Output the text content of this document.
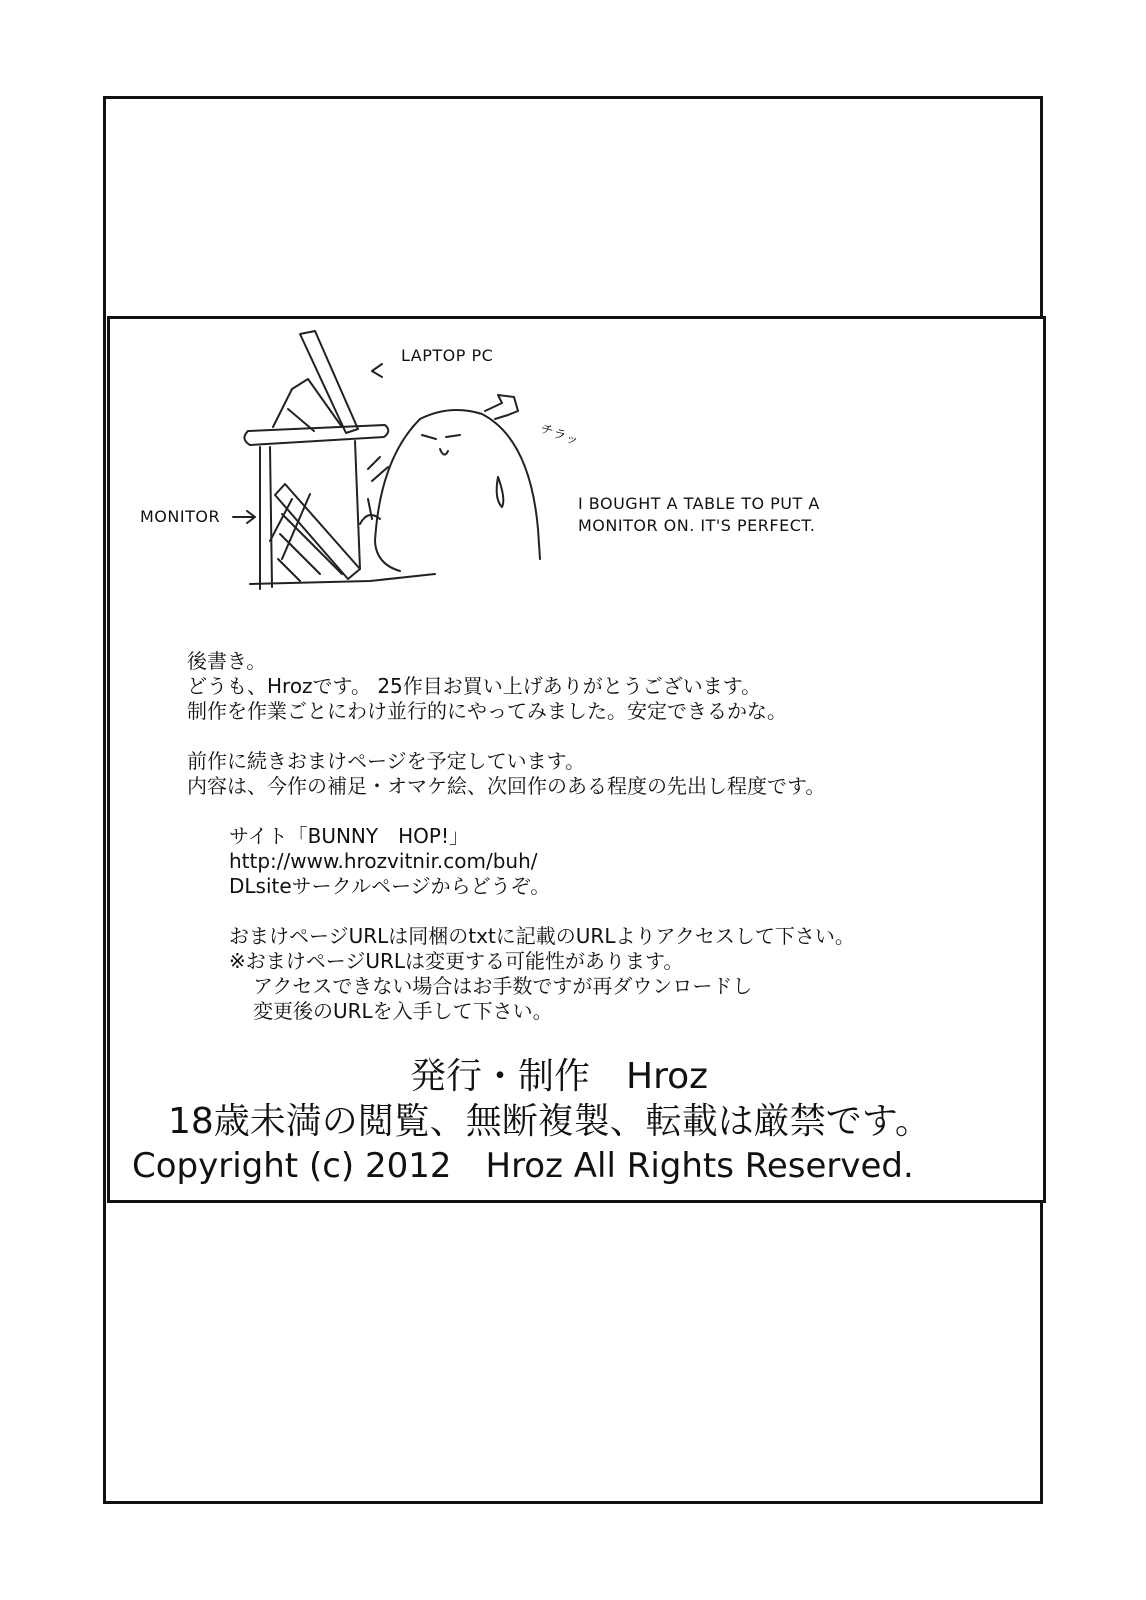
LAPTOP PC
MONITOR
チラッ
I BOUGHT A TABLE TO PUT A
MONITOR ON. IT'S PERFECT.
後書き。
どうも、Hrozです。 25作目お買い上げありがとうございます。
制作を作業ごとにわけ並行的にやってみました。安定できるかな。

前作に続きおまけページを予定しています。
内容は、今作の補足・オマケ絵、次回作のある程度の先出し程度です。

サイト「BUNNY　HOP!」
http://www.hrozvitnir.com/buh/
DLsiteサークルページからどうぞ。

おまけページURLは同梱のtxtに記載のURLよりアクセスして下さい。
※おまけページURLは変更する可能性があります。
アクセスできない場合はお手数ですが再ダウンロードし
変更後のURLを入手して下さい。
発行・制作　Hroz
18歳未満の閲覧、無断複製、転載は厳禁です。
Copyright (c) 2012　Hroz All Rights Reserved.
